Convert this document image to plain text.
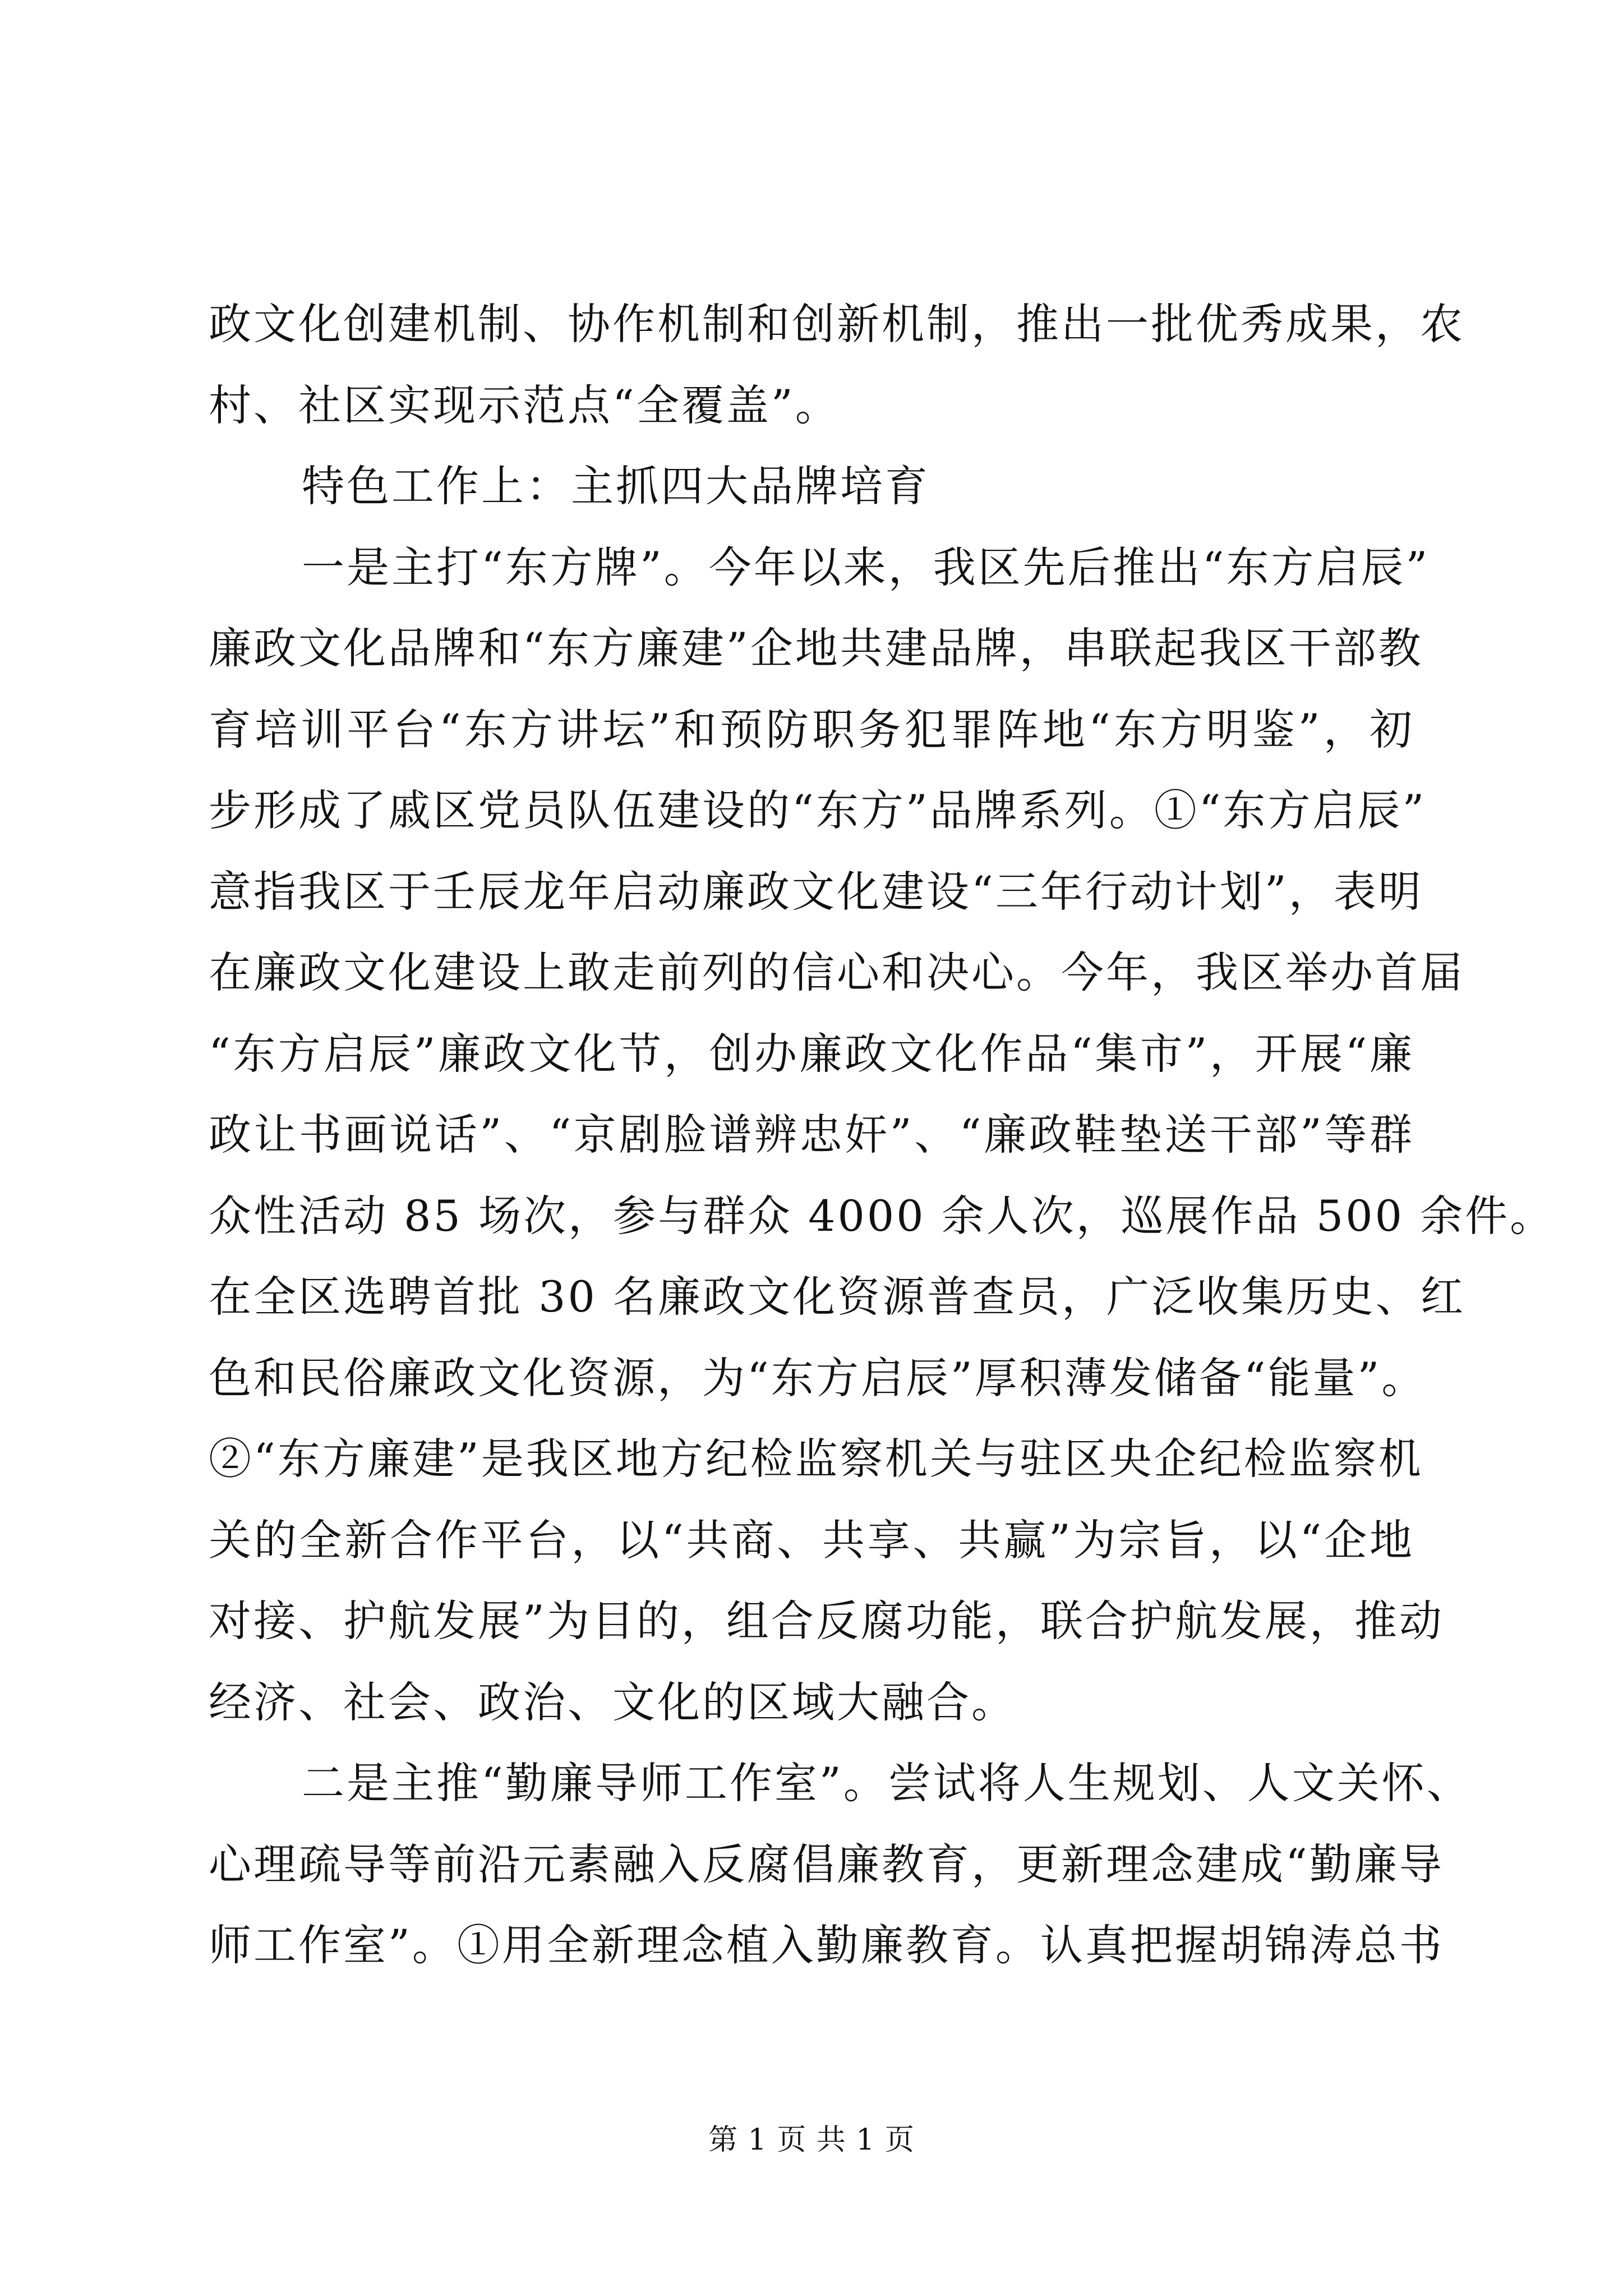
政文化创建机制、协作机制和创新机制，推出一批优秀成果，农
村、社区实现示范点“全覆盖”。
特色工作上：主抓四大品牌培育
一是主打“东方牌”。今年以来，我区先后推出“东方启辰”
廉政文化品牌和“东方廉建”企地共建品牌，串联起我区干部教
育培训平台“东方讲坛”和预防职务犯罪阵地“东方明鉴”，初
步形成了戚区党员队伍建设的“东方”品牌系列。①“东方启辰”
意指我区于壬辰龙年启动廉政文化建设“三年行动计划”，表明
在廉政文化建设上敢走前列的信心和决心。今年，我区举办首届
“东方启辰”廉政文化节，创办廉政文化作品“集市”，开展“廉
政让书画说话”、“京剧脸谱辨忠奸”、“廉政鞋垫送干部”等群
众性活动 85 场次，参与群众 4000 余人次，巡展作品 500 余件。
在全区选聘首批 30 名廉政文化资源普查员，广泛收集历史、红
色和民俗廉政文化资源，为“东方启辰”厚积薄发储备“能量”。
②“东方廉建”是我区地方纪检监察机关与驻区央企纪检监察机
关的全新合作平台，以“共商、共享、共赢”为宗旨，以“企地
对接、护航发展”为目的，组合反腐功能，联合护航发展，推动
经济、社会、政治、文化的区域大融合。
二是主推“勤廉导师工作室”。尝试将人生规划、人文关怀、
心理疏导等前沿元素融入反腐倡廉教育，更新理念建成“勤廉导
师工作室”。①用全新理念植入勤廉教育。认真把握胡锦涛总书
第 1 页 共 1 页
